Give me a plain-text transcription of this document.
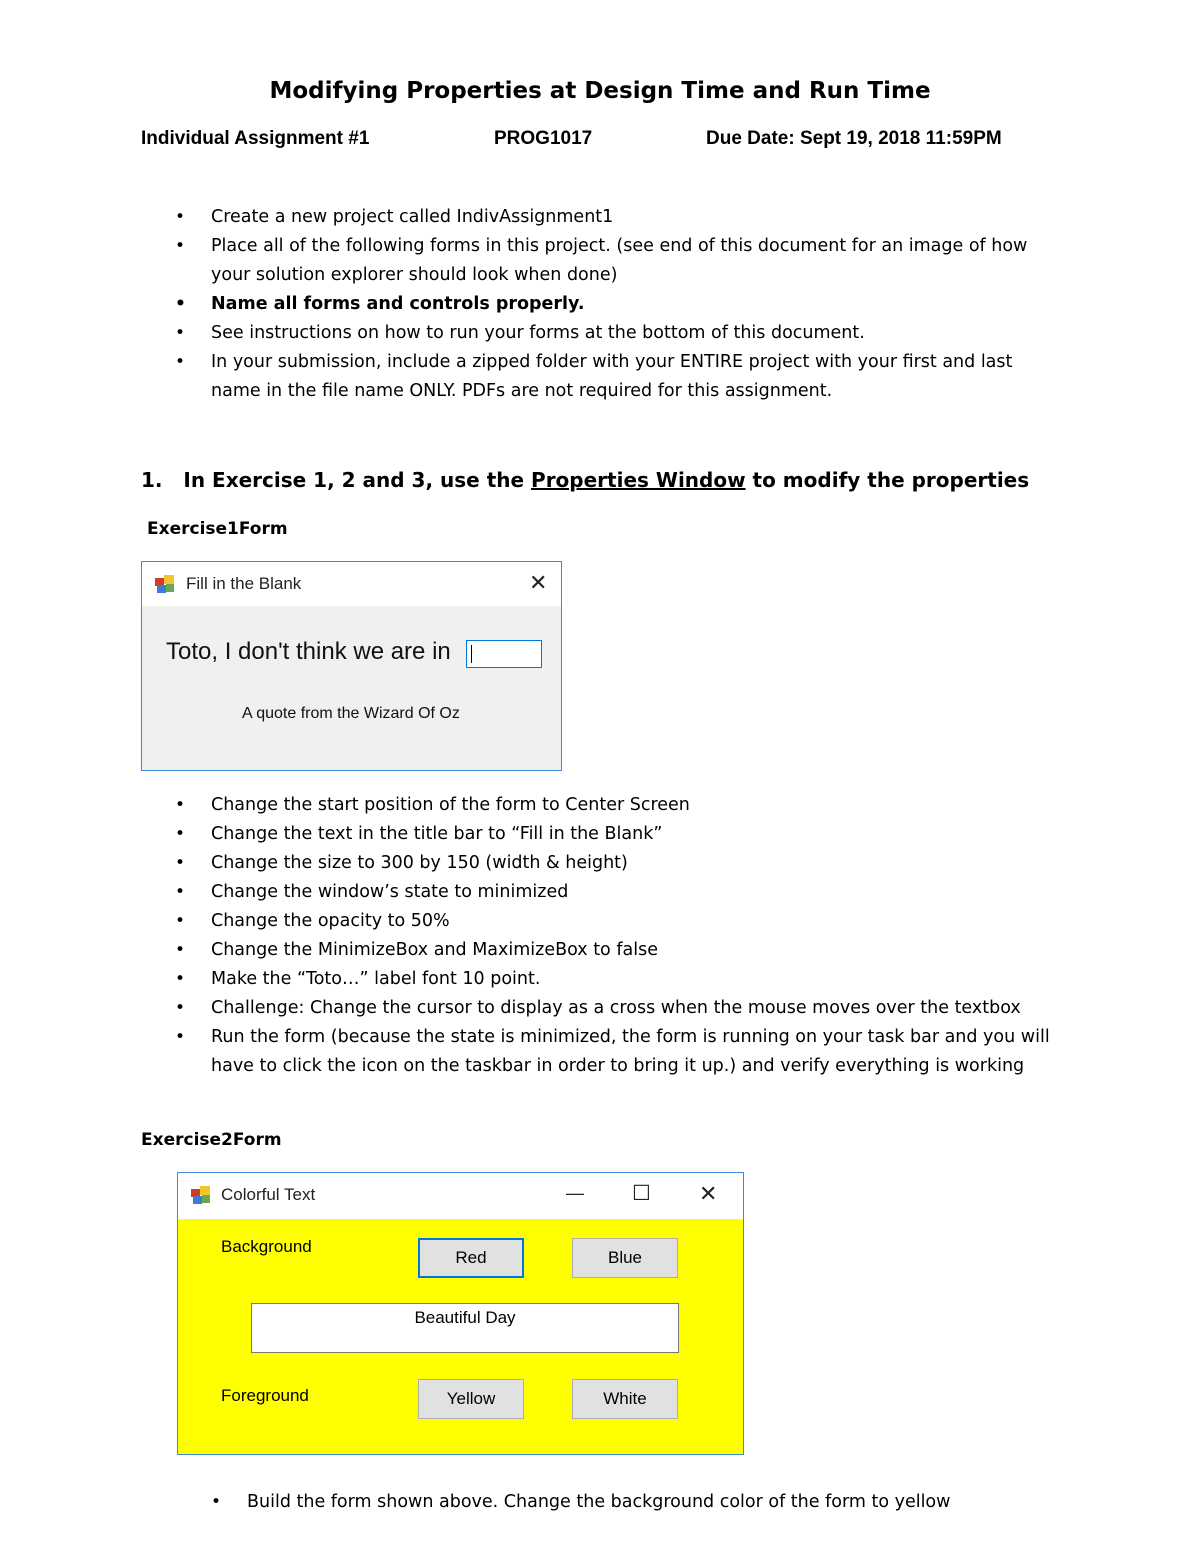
Modifying Properties at Design Time and Run Time
Individual Assignment #1	PROG1017	Due Date: Sept 19, 2018 11:59PM
• Create a new project called IndivAssignment1
• Place all of the following forms in this project. (see end of this document for an image of how
your solution explorer should look when done)
• Name all forms and controls properly.
• See instructions on how to run your forms at the bottom of this document.
• In your submission, include a zipped folder with your ENTIRE project with your first and last
name in the file name ONLY. PDFs are not required for this assignment.
1. In Exercise 1, 2 and 3, use the Properties Window to modify the properties
Exercise1Form
Fill in the Blank	✕
Toto, I don't think we are in
A quote from the Wizard Of Oz
• Change the start position of the form to Center Screen
• Change the text in the title bar to “Fill in the Blank”
• Change the size to 300 by 150 (width & height)
• Change the window’s state to minimized
• Change the opacity to 50%
• Change the MinimizeBox and MaximizeBox to false
• Make the “Toto…” label font 10 point.
• Challenge: Change the cursor to display as a cross when the mouse moves over the textbox
• Run the form (because the state is minimized, the form is running on your task bar and you will
have to click the icon on the taskbar in order to bring it up.) and verify everything is working
Exercise2Form
Colorful Text	— ☐ ✕
Background
Red	Blue
Beautiful Day
Foreground	Yellow	White
• Build the form shown above. Change the background color of the form to yellow
